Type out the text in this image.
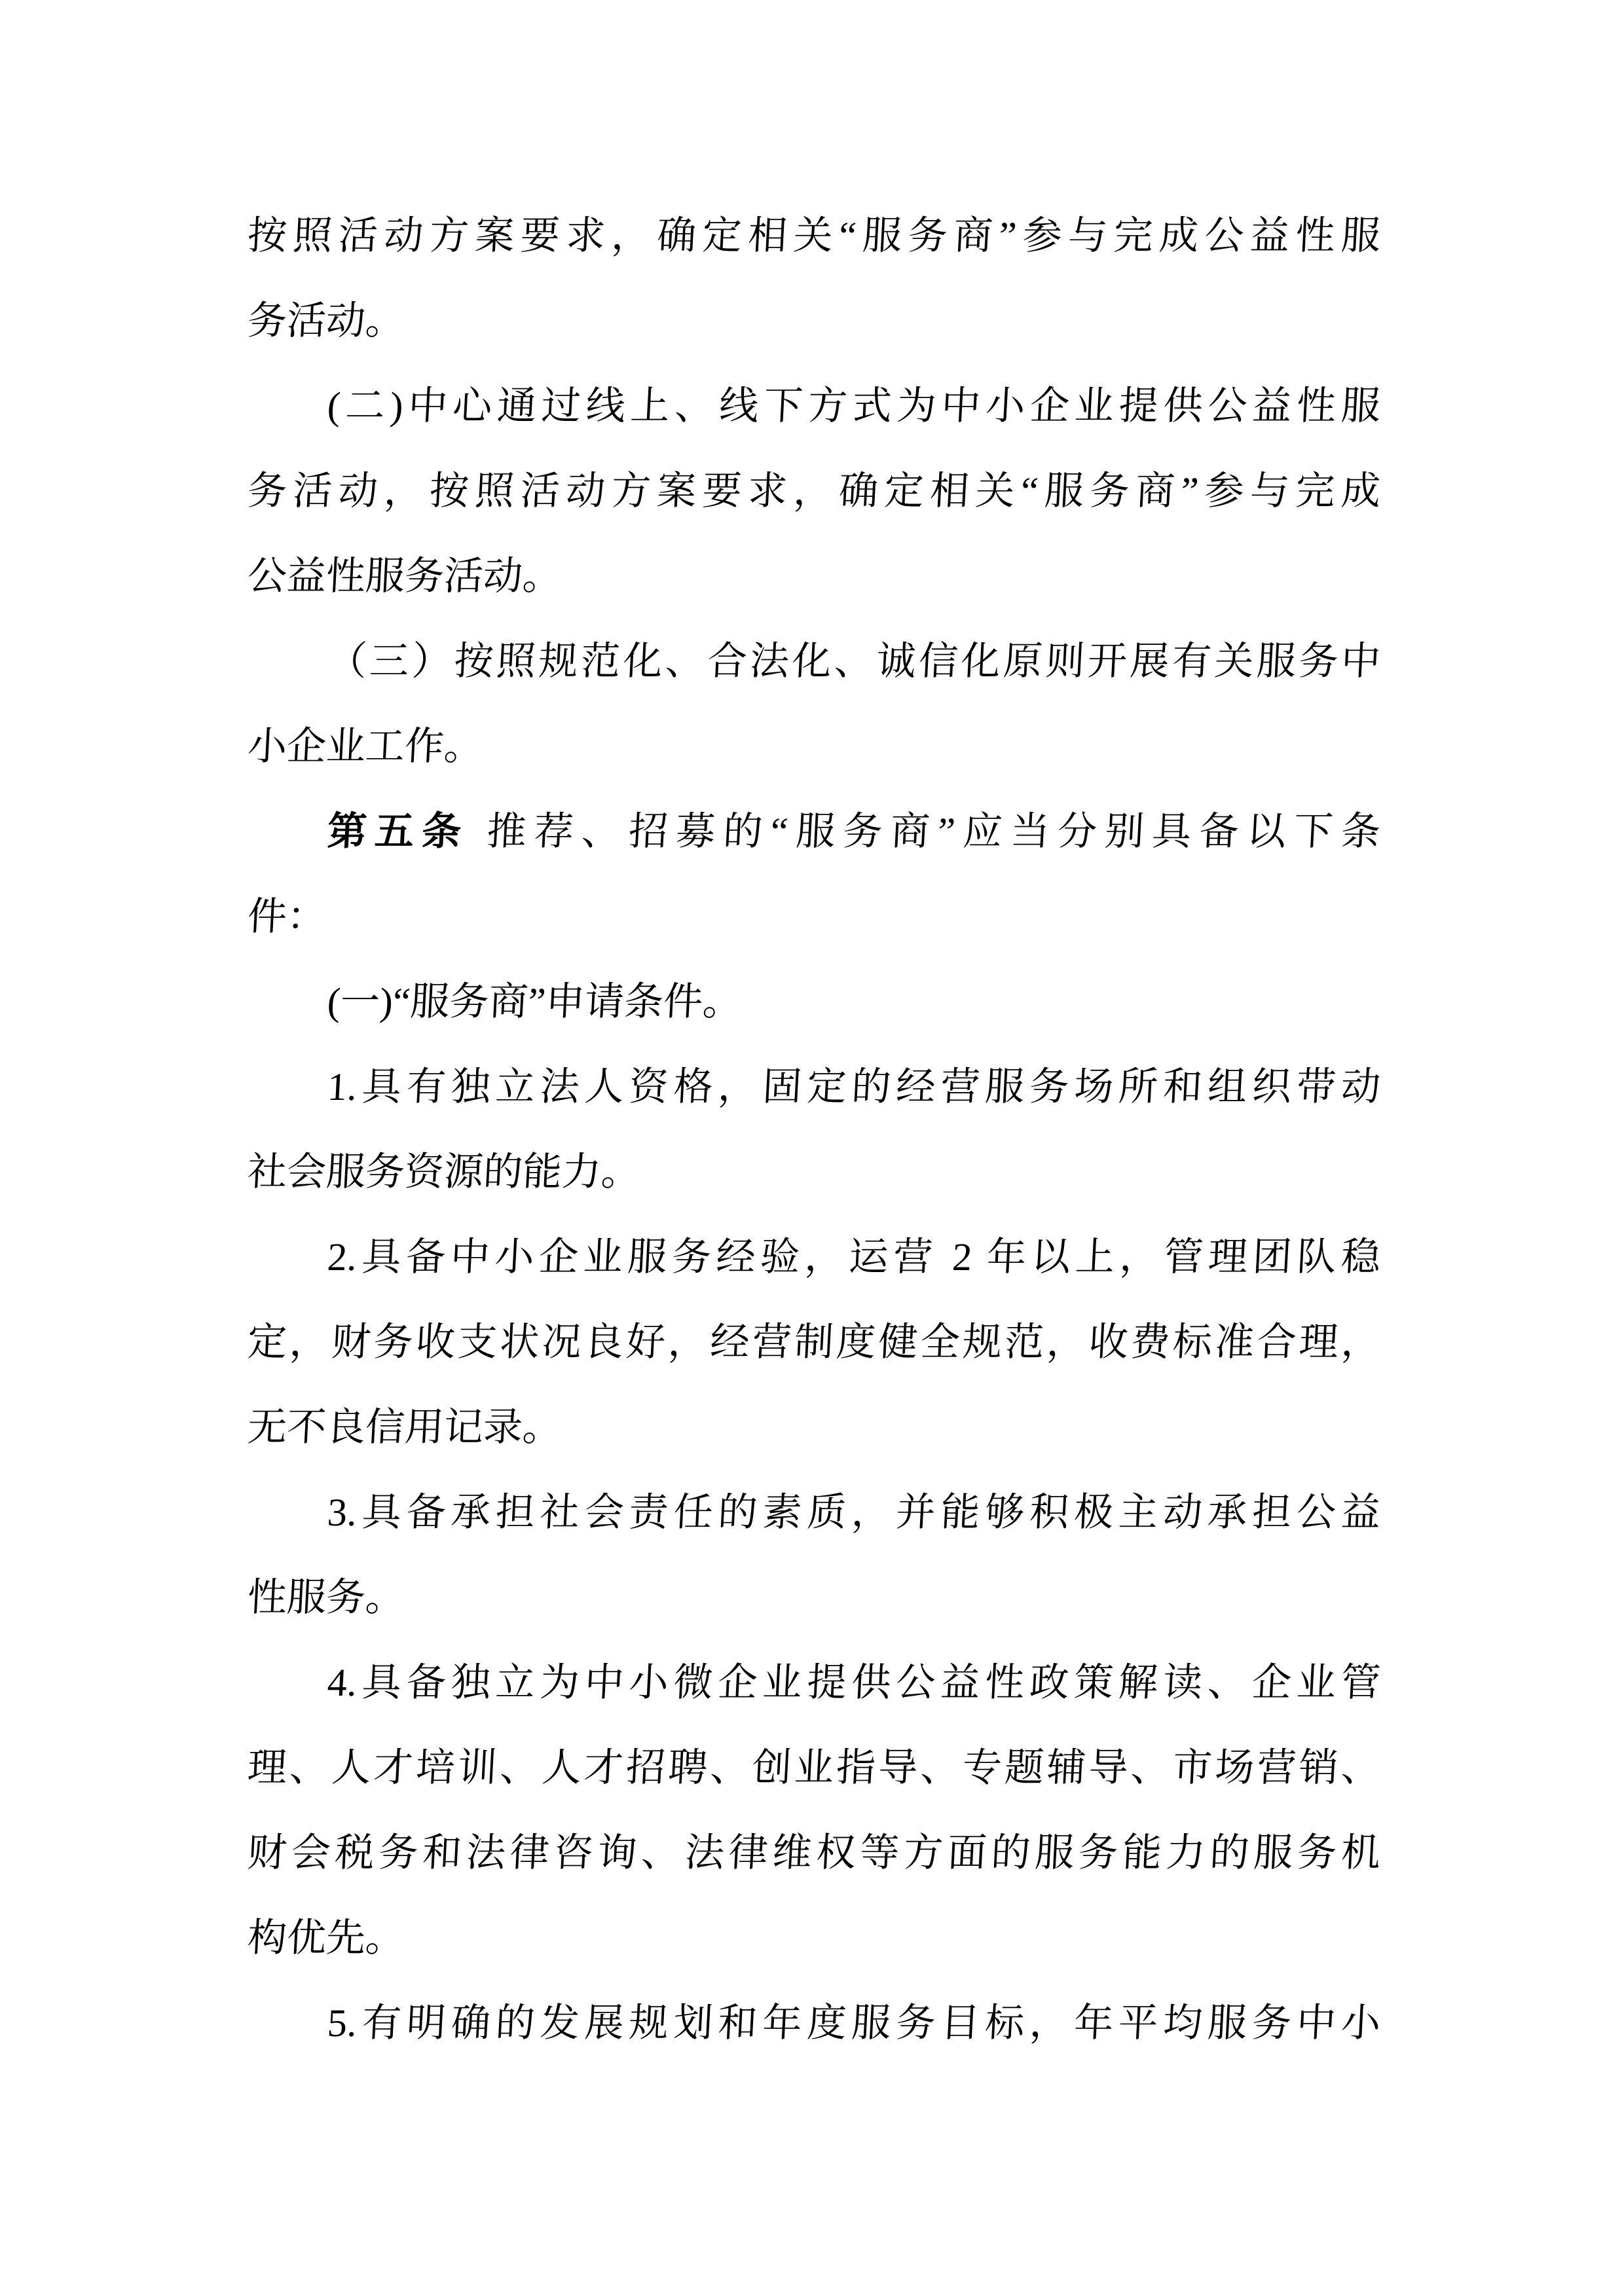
按照活动方案要求，确定相关“服务商”参与完成公益性服
务活动。
(二)中心通过线上、线下方式为中小企业提供公益性服
务活动，按照活动方案要求，确定相关“服务商”参与完成
公益性服务活动。
（三）按照规范化、合法化、诚信化原则开展有关服务中
小企业工作。
第五条 推荐、招募的“服务商”应当分别具备以下条
件：
(一)“服务商”申请条件。
1.具有独立法人资格，固定的经营服务场所和组织带动
社会服务资源的能力。
2.具备中小企业服务经验，运营 2 年以上，管理团队稳
定，财务收支状况良好，经营制度健全规范，收费标准合理，
无不良信用记录。
3.具备承担社会责任的素质，并能够积极主动承担公益
性服务。
4.具备独立为中小微企业提供公益性政策解读、企业管
理、人才培训、人才招聘、创业指导、专题辅导、市场营销、
财会税务和法律咨询、法律维权等方面的服务能力的服务机
构优先。
5.有明确的发展规划和年度服务目标，年平均服务中小
